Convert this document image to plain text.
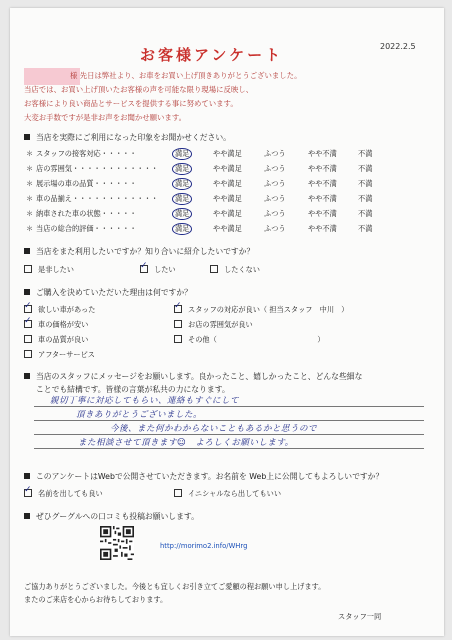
お客様アンケート	2022.2.5
様 先日は弊社より、お車をお買い上げ頂きありがとうございました。
当店では、お買い上げ頂いたお客様の声を可能な限り現場に反映し、
お客様により良い商品とサービスを提供する事に努めています。
大変お手数ですが是非お声をお聞かせ願います。
当店を実際にご利用になった印象をお聞かせください。
＊ スタッフの接客対応・・・・・	満足	やや満足	ふつう	やや不満	不満
＊ 店の雰囲気・・・・・・・・・・・・	満足	やや満足	ふつう	やや不満	不満
＊ 展示場の車の品質・・・・・・	満足	やや満足	ふつう	やや不満	不満
＊ 車の品揃え・・・・・・・・・・・・	満足	やや満足	ふつう	やや不満	不満
＊ 納車された車の状態・・・・・	満足	やや満足	ふつう	やや不満	不満
＊ 当店の総合的評価・・・・・・	満足	やや満足	ふつう	やや不満	不満
当店をまた利用したいですか？知り合いに紹介したいですか？
是非したい
✓	したい	したくない
ご購入を決めていただいた理由は何ですか？
✓欲しい車があった
✓車の価格が安い
車の品質が良い
アフターサービス
✓スタッフの対応が良い（ 担当スタッフ　中川　）
お店の雰囲気が良い
その他（　　　　　　　　　　　　　　）
当店のスタッフにメッセージをお願いします。良かったこと、嬉しかったこと、どんな些細な
ことでも結構です。皆様の言葉が私共の力になります。
親切丁寧に対応してもらい、連絡もすぐにして
頂きありがとうございました。
今後、また何かわからないこともあるかと思うので
また相談させて頂きます☺　よろしくお願いします。
このアンケートはWebで公開させていただきます。お名前を Web上に公開してもよろしいですか？
✓名前を出しても良い	イニシャルなら出してもいい
ぜひグーグルへの口コミも投稿お願いします。
http://morimo2.info/WHrg
ご協力ありがとうございました。今後とも宜しくお引き立てご愛顧の程お願い申し上げます。
またのご来店を心からお待ちしております。
スタッフ一同
